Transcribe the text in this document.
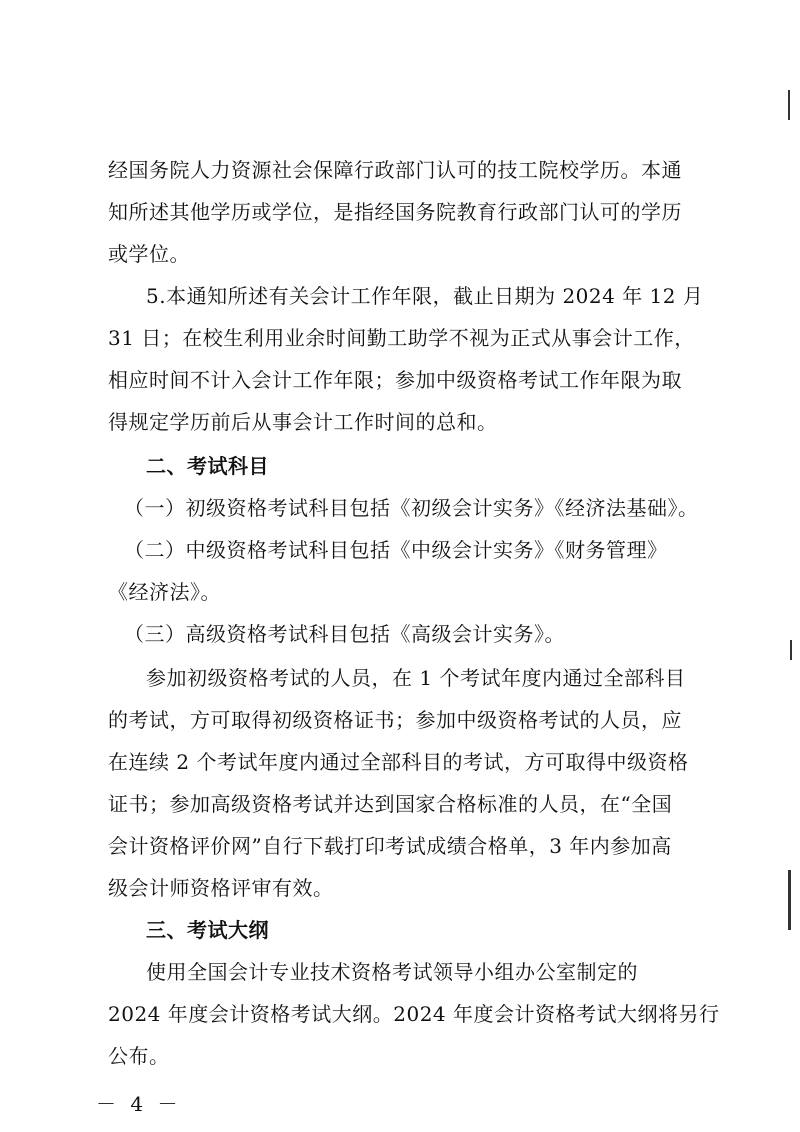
经国务院人力资源社会保障行政部门认可的技工院校学历。本通
知所述其他学历或学位，是指经国务院教育行政部门认可的学历
或学位。
5.本通知所述有关会计工作年限，截止日期为 2024 年 12 月
31 日；在校生利用业余时间勤工助学不视为正式从事会计工作，
相应时间不计入会计工作年限；参加中级资格考试工作年限为取
得规定学历前后从事会计工作时间的总和。
二、考试科目
（一）初级资格考试科目包括《初级会计实务》《经济法基础》。
（二）中级资格考试科目包括《中级会计实务》《财务管理》
《经济法》。
（三）高级资格考试科目包括《高级会计实务》。
参加初级资格考试的人员，在 1 个考试年度内通过全部科目
的考试，方可取得初级资格证书；参加中级资格考试的人员，应
在连续 2 个考试年度内通过全部科目的考试，方可取得中级资格
证书；参加高级资格考试并达到国家合格标准的人员，在“全国
会计资格评价网”自行下载打印考试成绩合格单，3 年内参加高
级会计师资格评审有效。
三、考试大纲
使用全国会计专业技术资格考试领导小组办公室制定的
2024 年度会计资格考试大纲。2024 年度会计资格考试大纲将另行
公布。
－ 4 －
